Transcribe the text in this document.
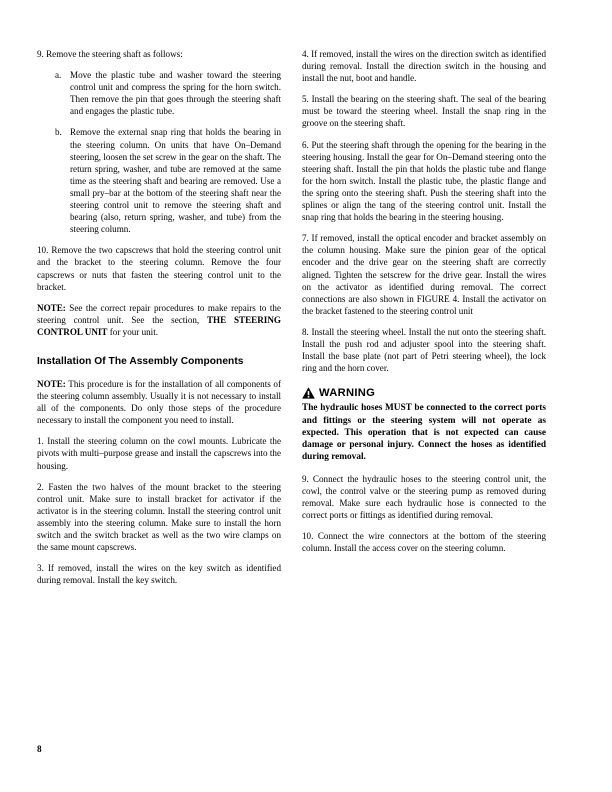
9. Remove the steering shaft as follows:

a. Move the plastic tube and washer toward the steering control unit and compress the spring for the horn switch. Then remove the pin that goes through the steering shaft and engages the plastic tube.
b. Remove the external snap ring that holds the bearing in the steering column. On units that have On–Demand steering, loosen the set screw in the gear on the shaft. The return spring, washer, and tube are removed at the same time as the steering shaft and bearing are removed. Use a small pry–bar at the bottom of the steering shaft near the steering control unit to remove the steering shaft and bearing (also, return spring, washer, and tube) from the steering column.

10. Remove the two capscrews that hold the steering control unit and the bracket to the steering column. Remove the four capscrews or nuts that fasten the steering control unit to the bracket.

NOTE: See the correct repair procedures to make repairs to the steering control unit. See the section, THE STEERING CONTROL UNIT for your unit.

Installation Of The Assembly Components

NOTE: This procedure is for the installation of all components of the steering column assembly. Usually it is not necessary to install all of the components. Do only those steps of the procedure necessary to install the component you need to install.

1. Install the steering column on the cowl mounts. Lubricate the pivots with multi–purpose grease and install the capscrews into the housing.

2. Fasten the two halves of the mount bracket to the steering control unit. Make sure to install bracket for activator if the activator is in the steering column. Install the steering control unit assembly into the steering column. Make sure to install the horn switch and the switch bracket as well as the two wire clamps on the same mount capscrews.

3. If removed, install the wires on the key switch as identified during removal. Install the key switch.

4. If removed, install the wires on the direction switch as identified during removal. Install the direction switch in the housing and install the nut, boot and handle.

5. Install the bearing on the steering shaft. The seal of the bearing must be toward the steering wheel. Install the snap ring in the groove on the steering shaft.

6. Put the steering shaft through the opening for the bearing in the steering housing. Install the gear for On–Demand steering onto the steering shaft. Install the pin that holds the plastic tube and flange for the horn switch. Install the plastic tube, the plastic flange and the spring onto the steering shaft. Push the steering shaft into the splines or align the tang of the steering control unit. Install the snap ring that holds the bearing in the steering housing.

7. If removed, install the optical encoder and bracket assembly on the column housing. Make sure the pinion gear of the optical encoder and the drive gear on the steering shaft are correctly aligned. Tighten the setscrew for the drive gear. Install the wires on the activator as identified during removal. The correct connections are also shown in FIGURE 4. Install the activator on the bracket fastened to the steering control unit

8. Install the steering wheel. Install the nut onto the steering shaft. Install the push rod and adjuster spool into the steering shaft. Install the base plate (not part of Petri steering wheel), the lock ring and the horn cover.

WARNING

The hydraulic hoses MUST be connected to the correct ports and fittings or the steering system will not operate as expected. This operation that is not expected can cause damage or personal injury. Connect the hoses as identified during removal.

9. Connect the hydraulic hoses to the steering control unit, the cowl, the control valve or the steering pump as removed during removal. Make sure each hydraulic hose is connected to the correct ports or fittings as identified during removal.

10. Connect the wire connectors at the bottom of the steering column. Install the access cover on the steering column.

8
